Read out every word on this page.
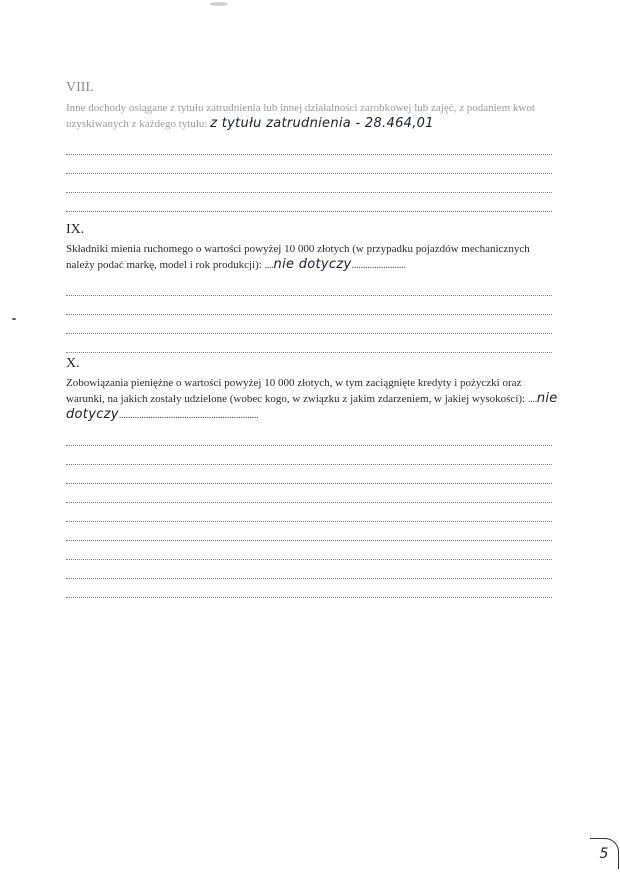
VIII.

Inne dochody osiągane z tytułu zatrudnienia lub innej działalności zarobkowej lub zajęć, z podaniem kwot uzyskiwanych z każdego tytułu: z tytułu zatrudnienia - 28.464,01

IX.

Składniki mienia ruchomego o wartości powyżej 10 000 złotych (w przypadku pojazdów mechanicznych należy podać markę, model i rok produkcji): ....nie dotyczy........................

X.

Zobowiązania pieniężne o wartości powyżej 10 000 złotych, w tym zaciągnięte kredyty i pożyczki oraz warunki, na jakich zostały udzielone (wobec kogo, w związku z jakim zdarzeniem, w jakiej wysokości): ....nie dotyczy..............................................................

5
